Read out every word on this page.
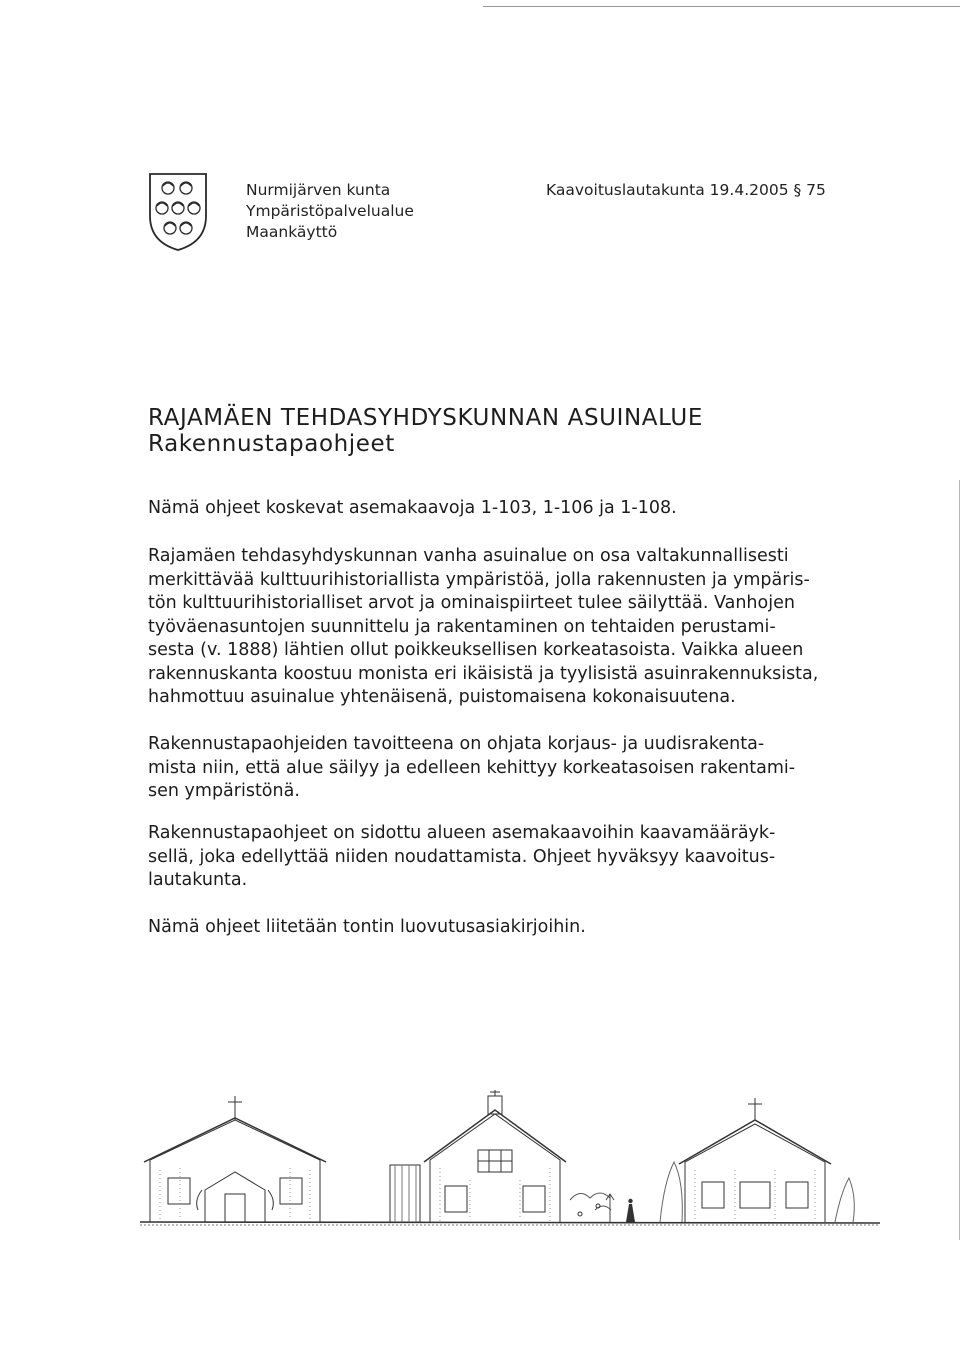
Nurmijärven kunta
Ympäristöpalvelualue
Maankäyttö
Kaavoituslautakunta 19.4.2005 § 75
RAJAMÄEN TEHDASYHDYSKUNNAN ASUINALUE
Rakennustapaohjeet
Nämä ohjeet koskevat asemakaavoja 1-103, 1-106 ja 1-108.
Rajamäen tehdasyhdyskunnan vanha asuinalue on osa valtakunnallisesti
merkittävää kulttuurihistoriallista ympäristöä, jolla rakennusten ja ympäris-
tön kulttuurihistorialliset arvot ja ominaispiirteet tulee säilyttää. Vanhojen
työväenasuntojen suunnittelu ja rakentaminen on tehtaiden perustami-
sesta (v. 1888) lähtien ollut poikkeuksellisen korkeatasoista. Vaikka alueen
rakennuskanta koostuu monista eri ikäisistä ja tyylisistä asuinrakennuksista,
hahmottuu asuinalue yhtenäisenä, puistomaisena kokonaisuutena.
Rakennustapaohjeiden tavoitteena on ohjata korjaus- ja uudisrakenta-
mista niin, että alue säilyy ja edelleen kehittyy korkeatasoisen rakentami-
sen ympäristönä.
Rakennustapaohjeet on sidottu alueen asemakaavoihin kaavamääräyk-
sellä, joka edellyttää niiden noudattamista. Ohjeet hyväksyy kaavoitus-
lautakunta.
Nämä ohjeet liitetään tontin luovutusasiakirjoihin.
